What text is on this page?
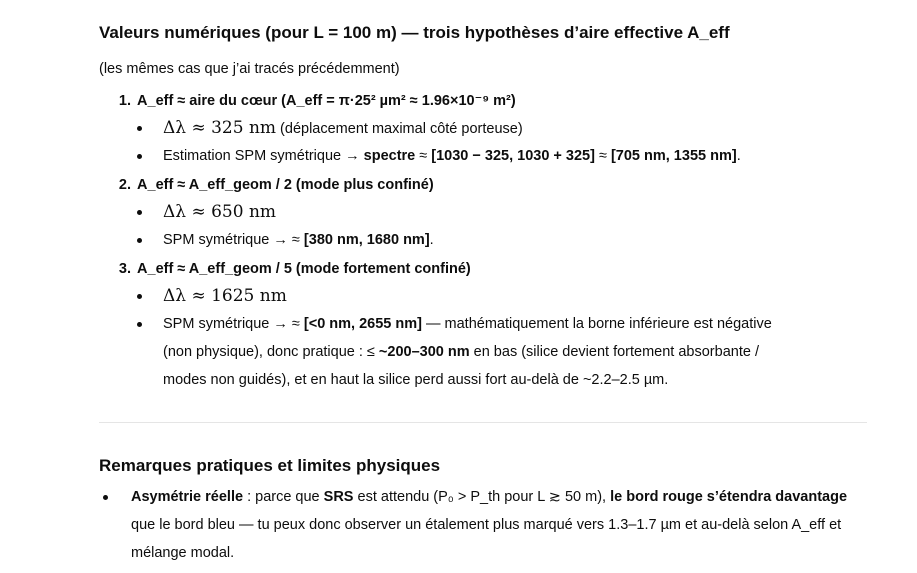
Valeurs numériques (pour L = 100 m) — trois hypothèses d’aire effective A_eff
(les mêmes cas que j’ai tracés précédemment)
1. A_eff ≈ aire du cœur (A_eff = π·25² µm² ≈ 1.96×10⁻⁹ m²)
Δλ ≈ 325 nm (déplacement maximal côté porteuse)
Estimation SPM symétrique → spectre ≈ [1030 − 325, 1030 + 325] ≈ [705 nm, 1355 nm].
2. A_eff ≈ A_eff_geom / 2 (mode plus confiné)
Δλ ≈ 650 nm
SPM symétrique → ≈ [380 nm, 1680 nm].
3. A_eff ≈ A_eff_geom / 5 (mode fortement confiné)
Δλ ≈ 1625 nm
SPM symétrique → ≈ [<0 nm, 2655 nm] — mathématiquement la borne inférieure est négative
(non physique), donc pratique : ≤ ~200–300 nm en bas (silice devient fortement absorbante /
modes non guidés), et en haut la silice perd aussi fort au-delà de ~2.2–2.5 µm.
Remarques pratiques et limites physiques
Asymétrie réelle : parce que SRS est attendu (P₀ > P_th pour L ≳ 50 m), le bord rouge s’étendra davantage que le bord bleu — tu peux donc observer un étalement plus marqué vers 1.3–1.7 µm et au-delà selon A_eff et mélange modal.
